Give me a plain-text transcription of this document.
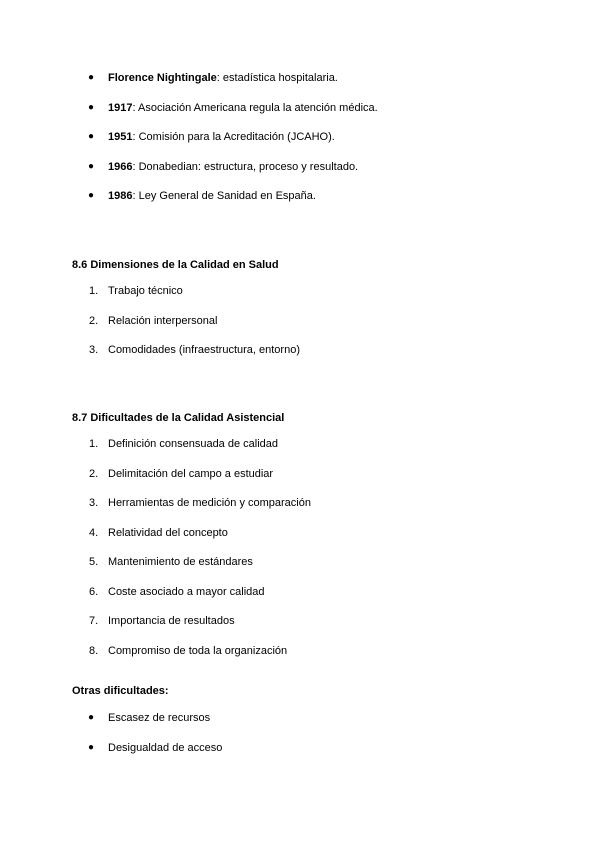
●	Florence Nightingale: estadística hospitalaria.
●	1917: Asociación Americana regula la atención médica.
●	1951: Comisión para la Acreditación (JCAHO).
●	1966: Donabedian: estructura, proceso y resultado.
●	1986: Ley General de Sanidad en España.
8.6 Dimensiones de la Calidad en Salud
1. Trabajo técnico
2. Relación interpersonal
3. Comodidades (infraestructura, entorno)
8.7 Dificultades de la Calidad Asistencial
1. Definición consensuada de calidad
2. Delimitación del campo a estudiar
3. Herramientas de medición y comparación
4. Relatividad del concepto
5. Mantenimiento de estándares
6. Coste asociado a mayor calidad
7. Importancia de resultados
8. Compromiso de toda la organización
Otras dificultades:
●	Escasez de recursos
●	Desigualdad de acceso
